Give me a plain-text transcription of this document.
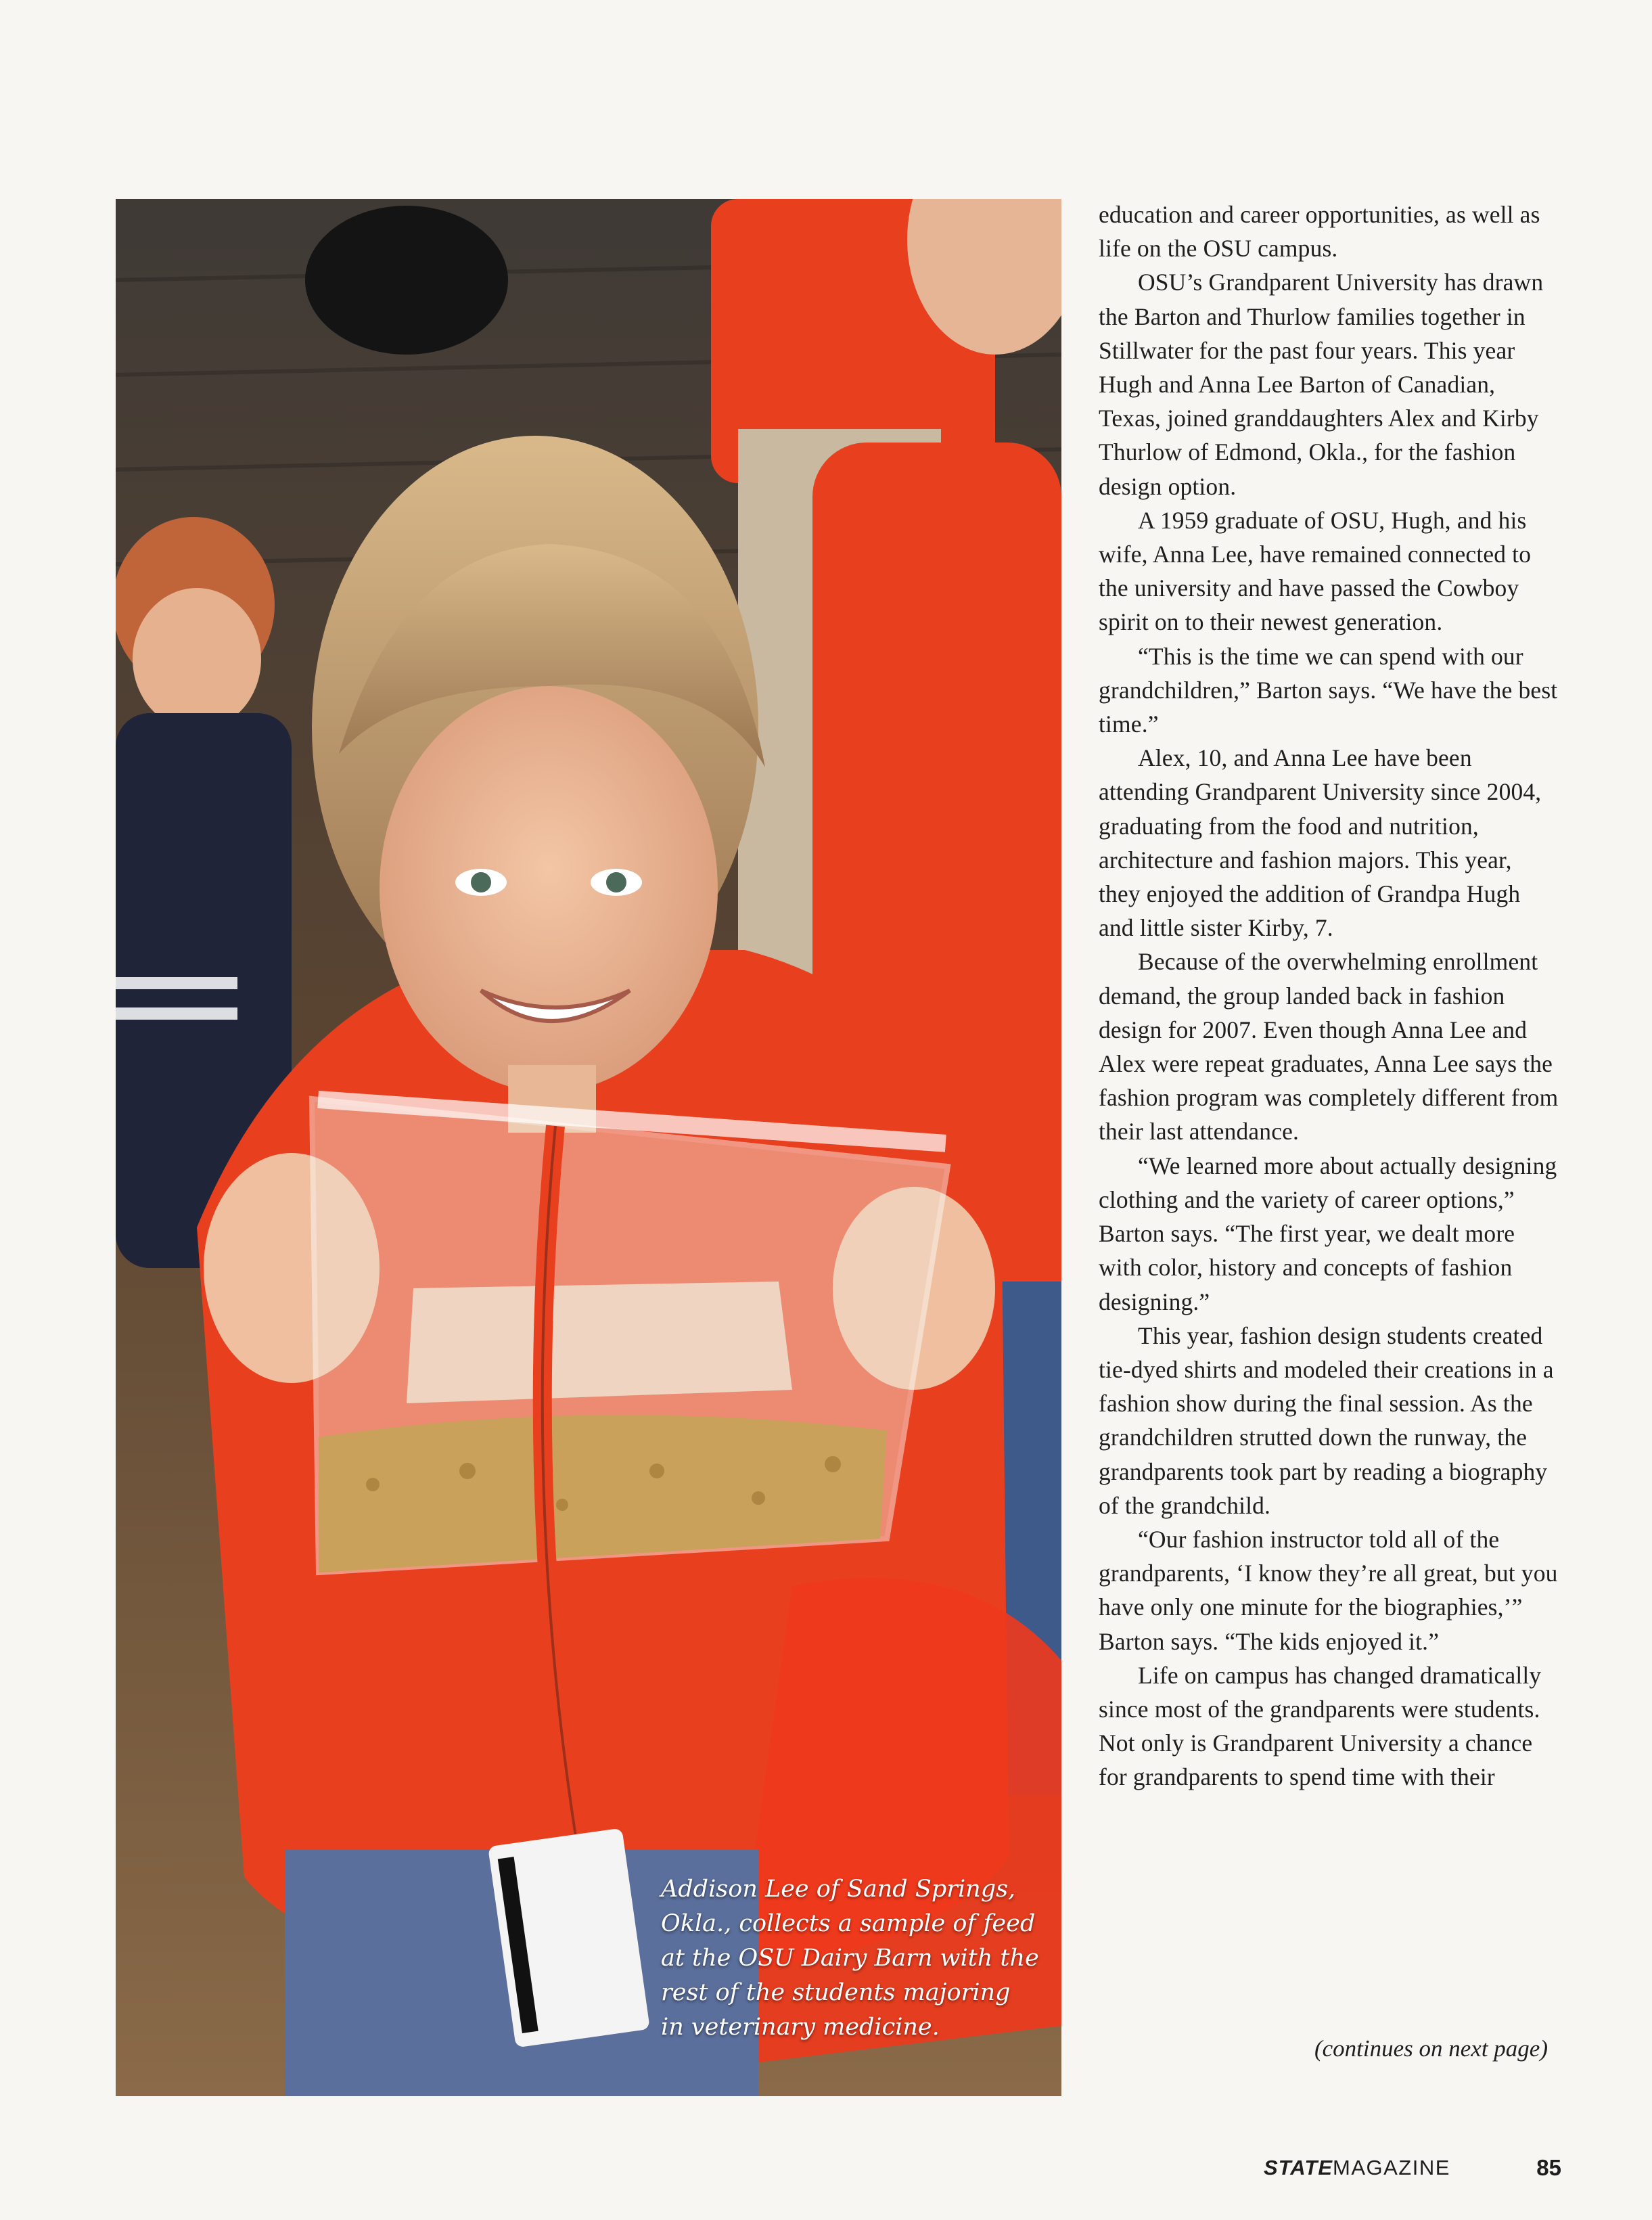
Addison Lee of Sand Springs, Okla., collects a sample of feed at the OSU Dairy Barn with the rest of the students majoring in veterinary medicine.

education and career opportunities, as well as life on the OSU campus.

OSU’s Grandparent University has drawn the Barton and Thurlow families together in Stillwater for the past four years. This year Hugh and Anna Lee Barton of Canadian, Texas, joined granddaughters Alex and Kirby Thurlow of Edmond, Okla., for the fashion design option.

A 1959 graduate of OSU, Hugh, and his wife, Anna Lee, have remained connected to the university and have passed the Cowboy spirit on to their newest generation.

“This is the time we can spend with our grandchildren,” Barton says. “We have the best time.”

Alex, 10, and Anna Lee have been attending Grandparent University since 2004, graduating from the food and nutrition, architecture and fashion majors. This year, they enjoyed the addition of Grandpa Hugh and little sister Kirby, 7.

Because of the overwhelming enrollment demand, the group landed back in fashion design for 2007. Even though Anna Lee and Alex were repeat graduates, Anna Lee says the fashion program was completely different from their last attendance.

“We learned more about actually designing clothing and the variety of career options,” Barton says. “The first year, we dealt more with color, history and concepts of fashion designing.”

This year, fashion design students created tie-dyed shirts and modeled their creations in a fashion show during the final session. As the grandchildren strutted down the runway, the grandparents took part by reading a biography of the grandchild.

“Our fashion instructor told all of the grandparents, ‘I know they’re all great, but you have only one minute for the biographies,’” Barton says. “The kids enjoyed it.”

Life on campus has changed dramatically since most of the grandparents were students. Not only is Grandparent University a chance for grandparents to spend time with their

(continues on next page)
STATEMAGAZINE	85
